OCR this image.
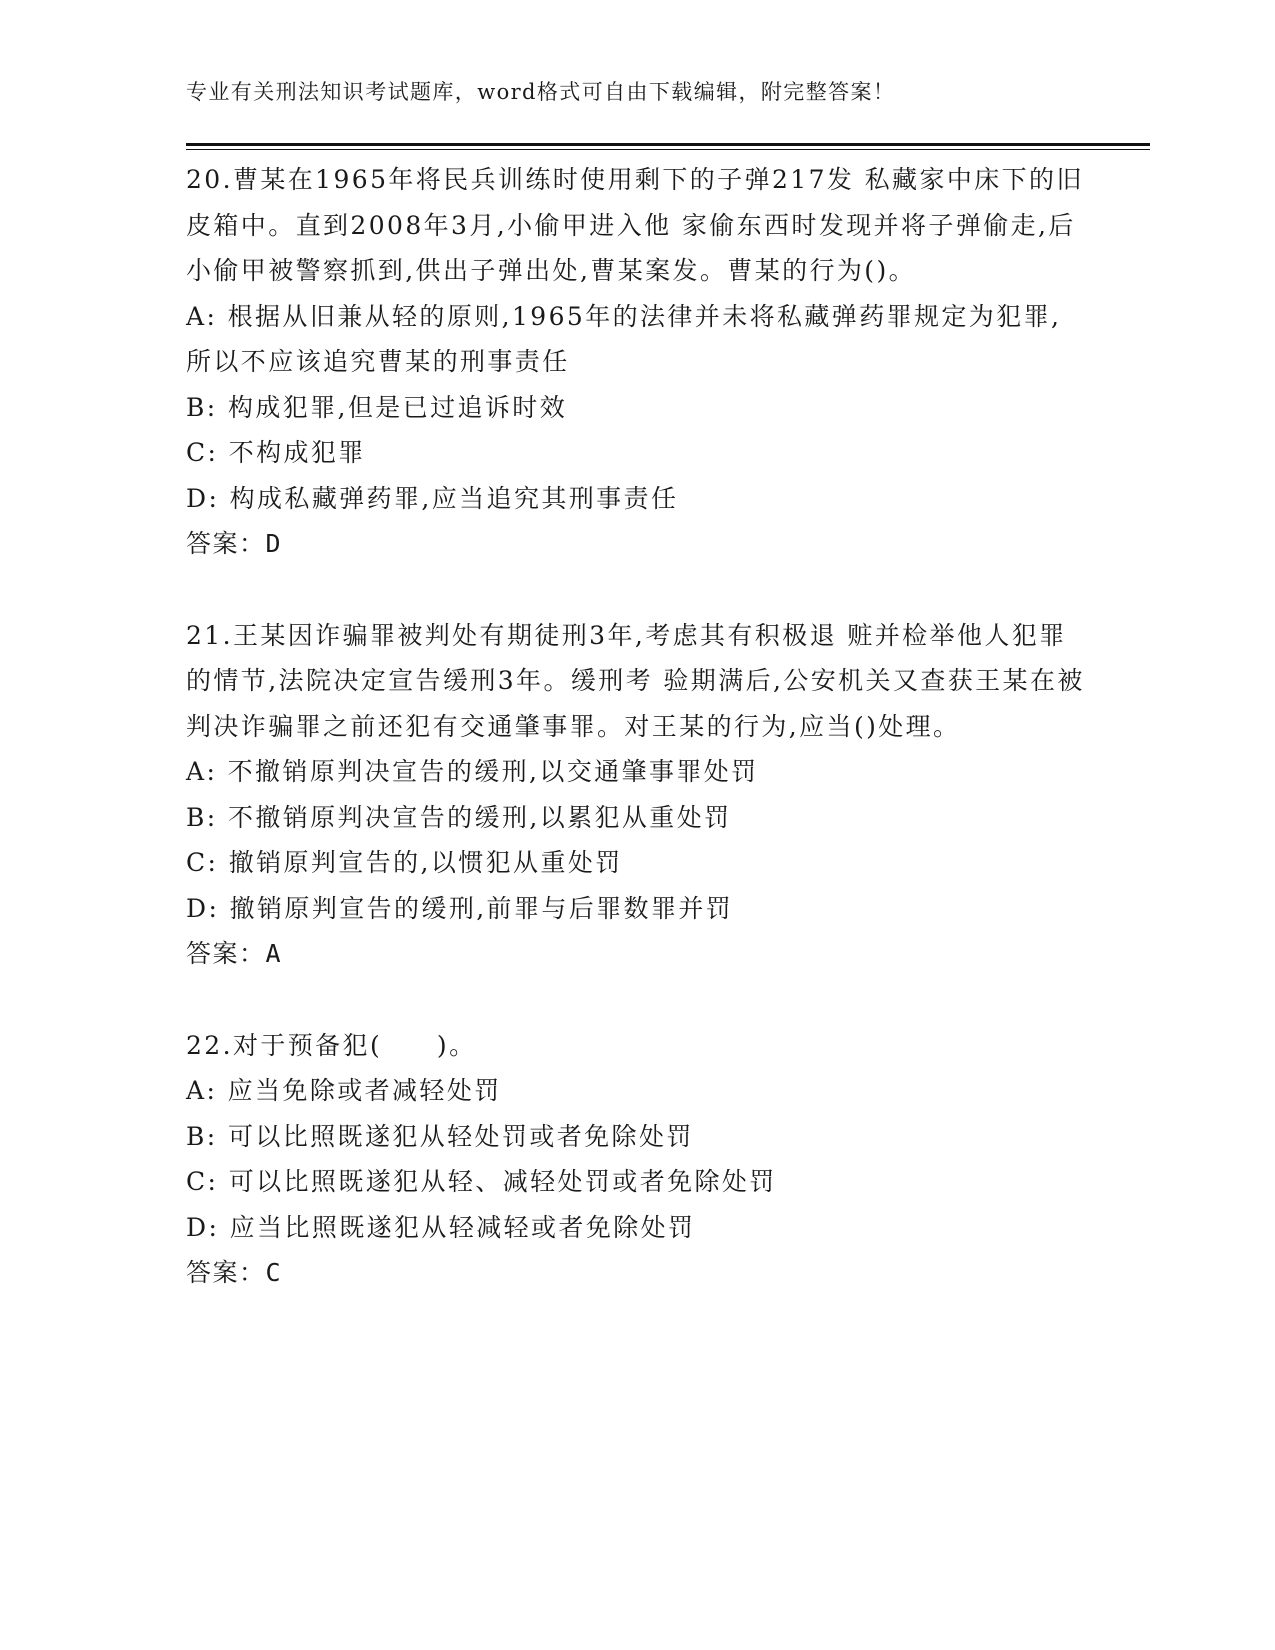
专业有关刑法知识考试题库，word格式可自由下载编辑，附完整答案！

20.曹某在1965年将民兵训练时使用剩下的子弹217发 私藏家中床下的旧皮箱中。直到2008年3月,小偷甲进入他 家偷东西时发现并将子弹偷走,后小偷甲被警察抓到,供出子弹出处,曹某案发。曹某的行为()。

A: 根据从旧兼从轻的原则,1965年的法律并未将私藏弹药罪规定为犯罪,所以不应该追究曹某的刑事责任

B: 构成犯罪,但是已过追诉时效

C: 不构成犯罪

D: 构成私藏弹药罪,应当追究其刑事责任

答案：D

21.王某因诈骗罪被判处有期徒刑3年,考虑其有积极退 赃并检举他人犯罪的情节,法院决定宣告缓刑3年。缓刑考 验期满后,公安机关又查获王某在被判决诈骗罪之前还犯有交通肇事罪。对王某的行为,应当()处理。

A: 不撤销原判决宣告的缓刑,以交通肇事罪处罚

B: 不撤销原判决宣告的缓刑,以累犯从重处罚

C: 撤销原判宣告的,以惯犯从重处罚

D: 撤销原判宣告的缓刑,前罪与后罪数罪并罚

答案：A

22.对于预备犯(　　)。

A: 应当免除或者减轻处罚

B: 可以比照既遂犯从轻处罚或者免除处罚

C: 可以比照既遂犯从轻、减轻处罚或者免除处罚

D: 应当比照既遂犯从轻减轻或者免除处罚

答案：C
